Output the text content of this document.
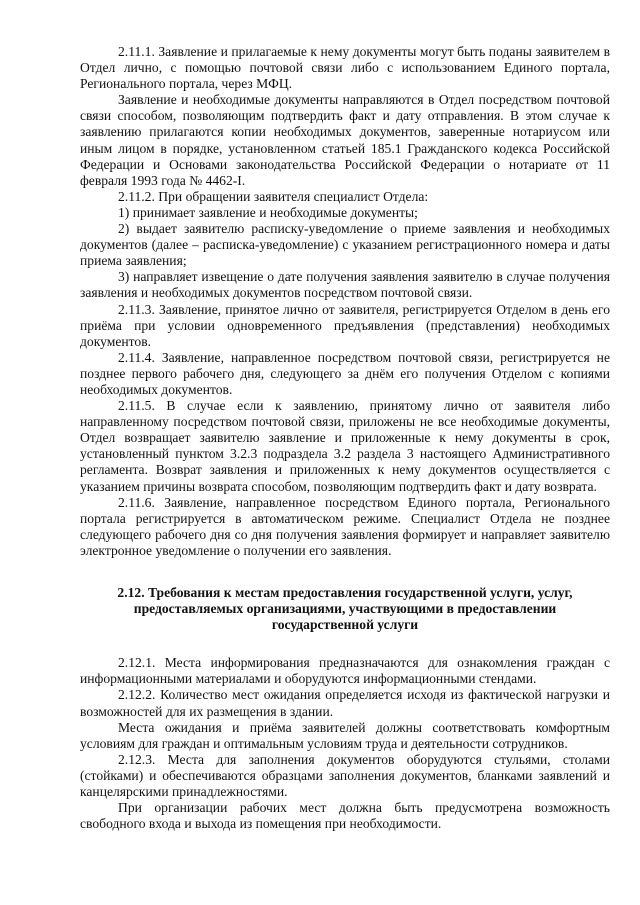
2.11.1. Заявление и прилагаемые к нему документы могут быть поданы заявителем в Отдел лично, с помощью почтовой связи либо с использованием Единого портала, Регионального портала, через МФЦ.

Заявление и необходимые документы направляются в Отдел посредством почтовой связи способом, позволяющим подтвердить факт и дату отправления. В этом случае к заявлению прилагаются копии необходимых документов, заверенные нотариусом или иным лицом в порядке, установленном статьей 185.1 Гражданского кодекса Российской Федерации и Основами законодательства Российской Федерации о нотариате от 11 февраля 1993 года № 4462-I.

2.11.2. При обращении заявителя специалист Отдела:

1) принимает заявление и необходимые документы;

2) выдает заявителю расписку-уведомление о приеме заявления и необходимых документов (далее – расписка-уведомление) с указанием регистрационного номера и даты приема заявления;

3) направляет извещение о дате получения заявления заявителю в случае получения заявления и необходимых документов посредством почтовой связи.

2.11.3. Заявление, принятое лично от заявителя, регистрируется Отделом в день его приёма при условии одновременного предъявления (представления) необходимых документов.

2.11.4. Заявление, направленное посредством почтовой связи, регистрируется не позднее первого рабочего дня, следующего за днём его получения Отделом с копиями необходимых документов.

2.11.5. В случае если к заявлению, принятому лично от заявителя либо направленному посредством почтовой связи, приложены не все необходимые документы, Отдел возвращает заявителю заявление и приложенные к нему документы в срок, установленный пунктом 3.2.3 подраздела 3.2 раздела 3 настоящего Административного регламента. Возврат заявления и приложенных к нему документов осуществляется с указанием причины возврата способом, позволяющим подтвердить факт и дату возврата.

2.11.6. Заявление, направленное посредством Единого портала, Регионального портала регистрируется в автоматическом режиме. Специалист Отдела не позднее следующего рабочего дня со дня получения заявления формирует и направляет заявителю электронное уведомление о получении его заявления.

2.12. Требования к местам предоставления государственной услуги, услуг, предоставляемых организациями, участвующими в предоставлении государственной услуги

2.12.1. Места информирования предназначаются для ознакомления граждан с информационными материалами и оборудуются информационными стендами.

2.12.2. Количество мест ожидания определяется исходя из фактической нагрузки и возможностей для их размещения в здании.

Места ожидания и приёма заявителей должны соответствовать комфортным условиям для граждан и оптимальным условиям труда и деятельности сотрудников.

2.12.3. Места для заполнения документов оборудуются стульями, столами (стойками) и обеспечиваются образцами заполнения документов, бланками заявлений и канцелярскими принадлежностями.

При организации рабочих мест должна быть предусмотрена возможность свободного входа и выхода из помещения при необходимости.
